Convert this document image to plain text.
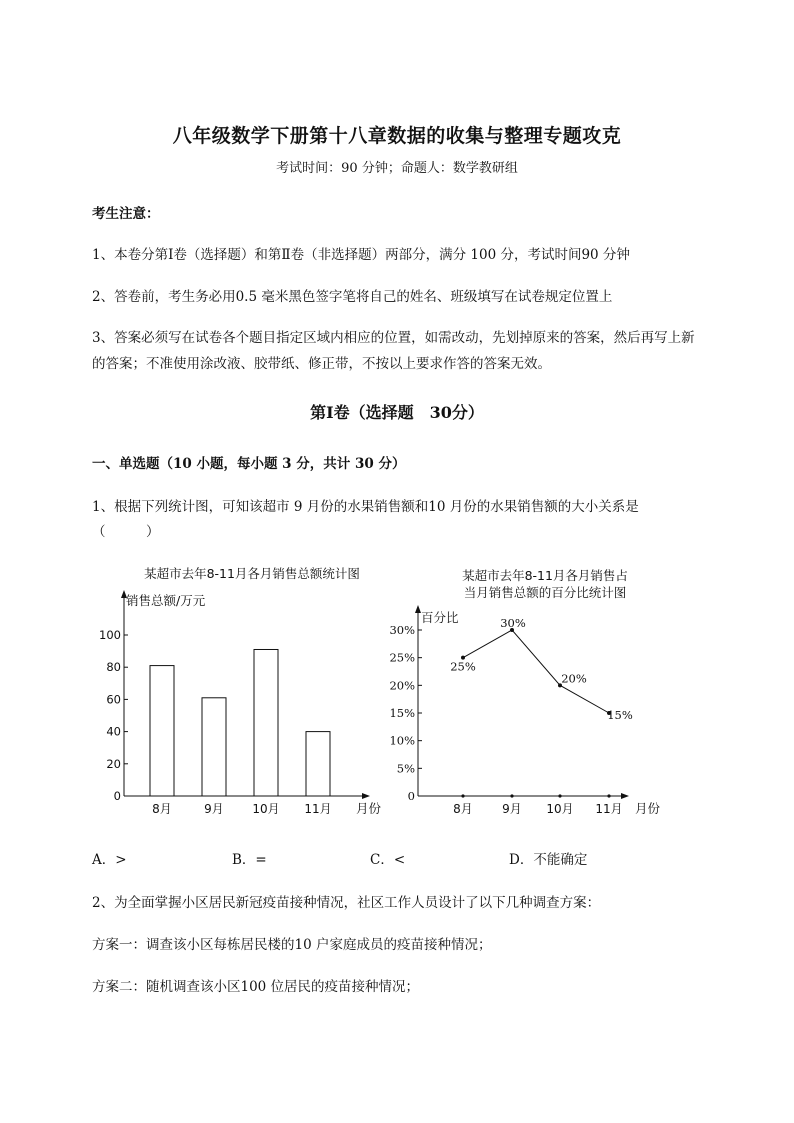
八年级数学下册第十八章数据的收集与整理专题攻克
考试时间：90 分钟；命题人：数学教研组
考生注意：
1、本卷分第Ⅰ卷（选择题）和第Ⅱ卷（非选择题）两部分，满分 100 分，考试时间90 分钟
2、答卷前，考生务必用0.5 毫米黑色签字笔将自己的姓名、班级填写在试卷规定位置上
3、答案必须写在试卷各个题目指定区域内相应的位置，如需改动，先划掉原来的答案，然后再写上新
的答案；不准使用涂改液、胶带纸、修正带，不按以上要求作答的答案无效。
第Ⅰ卷（选择题　30分）
一、单选题（10 小题，每小题 3 分，共计 30 分）
1、根据下列统计图，可知该超市 9 月份的水果销售额和10 月份的水果销售额的大小关系是
（　　　）
某超市去年8-11月各月销售总额统计图
销售总额/万元
月份
0
20
40
60
80
100
8月	9月 10月 11月
某超市去年8-11月各月销售占
当月销售总额的百分比统计图
百分比
月份
0
5%
10%
15%
20%
25%
30%
25%
30%
20%
15%
8月 9月 10月 11月
A．>	B．=	C．<	D．不能确定
2、为全面掌握小区居民新冠疫苗接种情况，社区工作人员设计了以下几种调查方案：
方案一：调查该小区每栋居民楼的10 户家庭成员的疫苗接种情况；
方案二：随机调查该小区100 位居民的疫苗接种情况；
